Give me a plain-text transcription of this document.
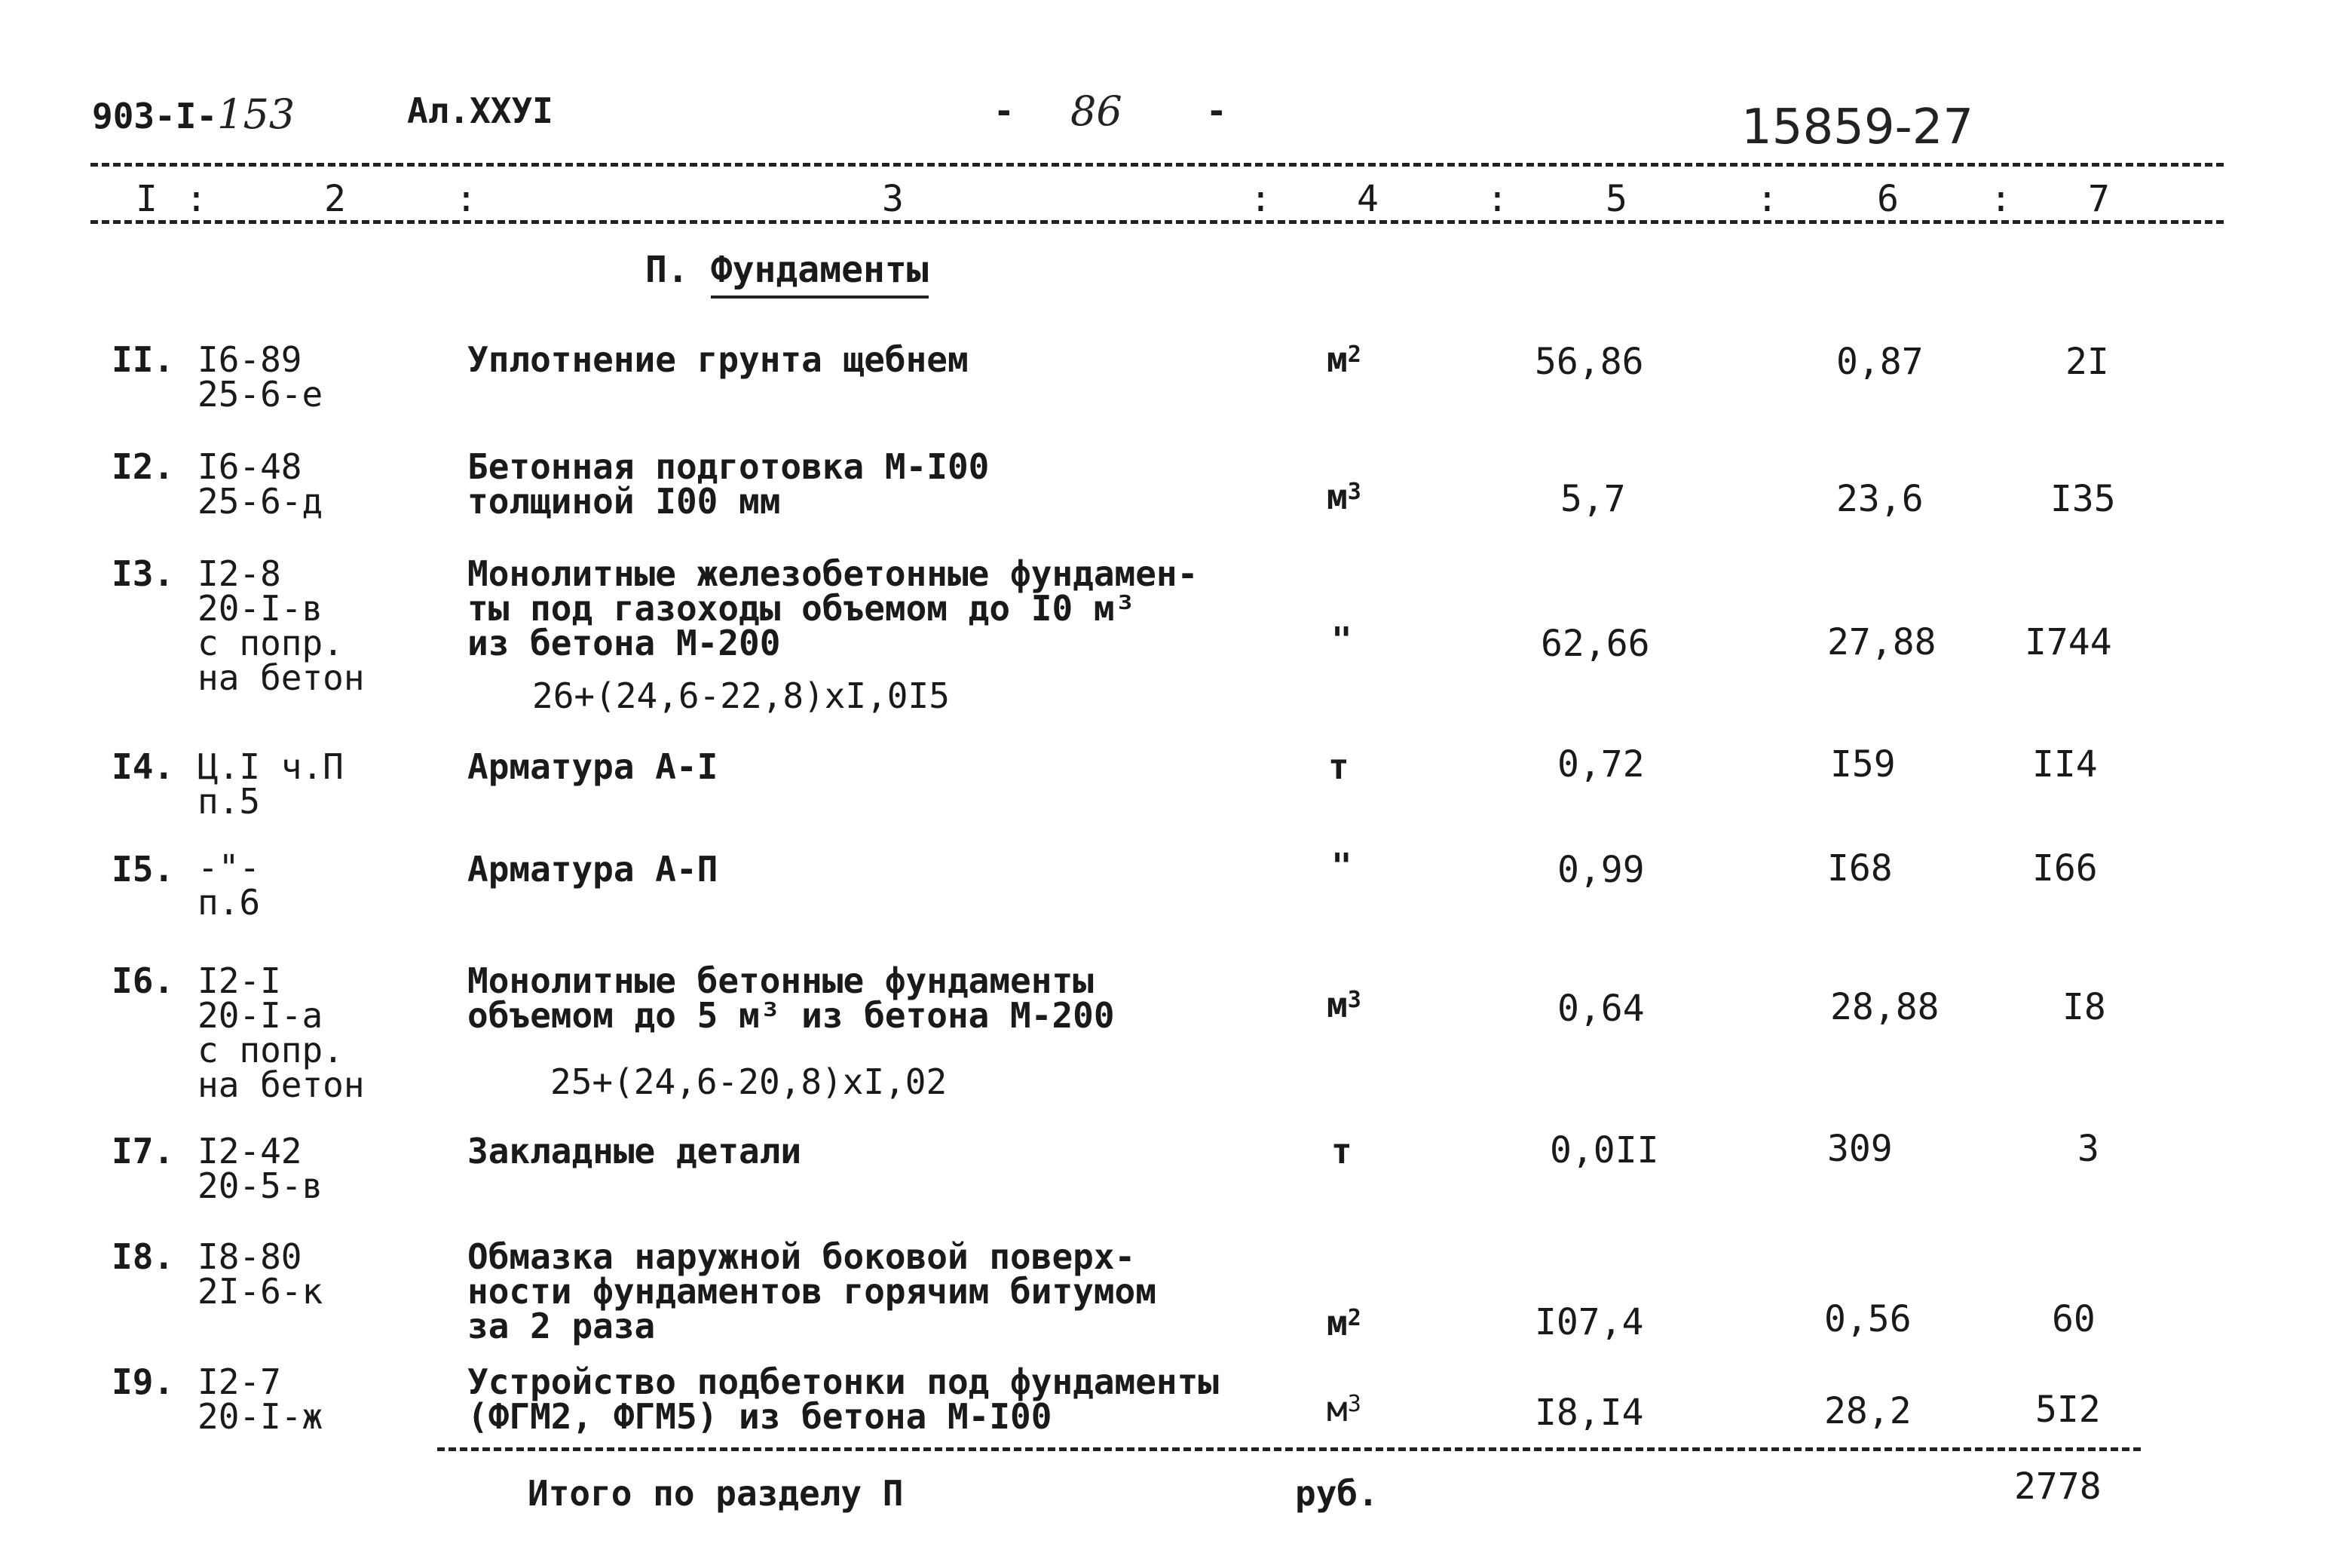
903-I-153	Ал.XXУI	- 86 -	15859-27
I :	2	:	3	: 4	:	5	:	6	: 7
П. Фундаменты
II. I6-89
25-6-е
Уплотнение грунта щебнем	$м^2$	56,86	0,87	2I
I2. I6-48
25-6-д
Бетонная подготовка М-I00
толщиной I00 мм	$м^3$	5,7	23,6	I35
I3. I2-8
20-I-в
с попр.
на бетон
Монолитные железобетонные фундамен-
ты под газоходы объемом до I0 м³
из бетона М-200
26+(24,6-22,8)хI,0I5
"	62,66	27,88 I744
I4. Ц.I ч.П
п.5
Арматура А-I	т	0,72	I59	II4
I5. -"-
п.6
Арматура А-П	"	0,99	I68	I66
I6. I2-I
20-I-а
с попр.
на бетон
Монолитные бетонные фундаменты
объемом до 5 м³ из бетона М-200
25+(24,6-20,8)хI,02
$м^3$	0,64	28,88	I8
I7. I2-42
20-5-в
Закладные детали	т	0,0II	309	3
I8. I8-80
2I-6-к
Обмазка наружной боковой поверх-
ности фундаментов горячим битумом
за 2 раза	$м^2$	I07,4	0,56	60
I9. I2-7
20-I-ж
Устройство подбетонки под фундаменты
(ФГМ2, ФГМ5) из бетона М-I00	$м^3$	I8,I4	28,2	5I2
Итого по разделу П	руб.	2778
